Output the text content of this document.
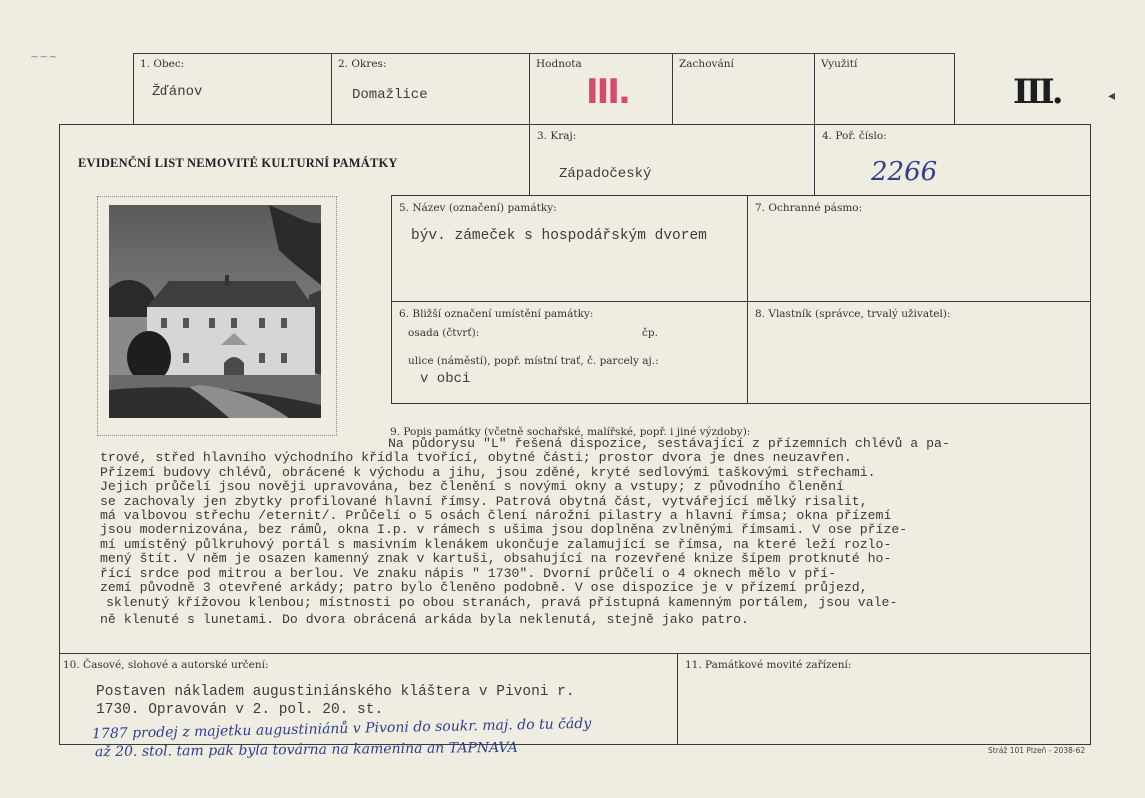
~~~
1. Obec:
Žďánov
2. Okres:
Domažlice
Hodnota
III.
Zachování	Využití
III.	◂
EVIDENČNÍ LIST NEMOVITÉ KULTURNÍ PAMÁTKY
3. Kraj:
Západočeský
4. Poř. číslo:
2266
5. Název (označení) památky:
býv. zámeček s hospodářským dvorem
7. Ochranné pásmo:
6. Bližší označení umístění památky:
osada (čtvrť):	čp.
ulice (náměstí), popř. místní trať, č. parcely aj.:
v obci
8. Vlastník (správce, trvalý uživatel):
9. Popis památky (včetně sochařské, malířské, popř. i jiné výzdoby):
Na půdorysu "L" řešená dispozice, sestávající z přízemních chlévů a pa-
trové, střed hlavního východního křídla tvořící, obytné části; prostor dvora je dnes neuzavřen.
Přízemí budovy chlévů, obrácené k východu a jihu, jsou zděné, kryté sedlovými taškovými střechami.
Jejich průčelí jsou nověji upravována, bez členění s novými okny a vstupy; z původního členění
se zachovaly jen zbytky profilované hlavní římsy. Patrová obytná část, vytvářející mělký risalit,
má valbovou střechu /eternit/. Průčelí o 5 osách člení nárožní pilastry a hlavní římsa; okna přízemí
jsou modernizována, bez rámů, okna I.p. v rámech s ušima jsou doplněna zvlněnými římsami. V ose příze-
mí umístěný půlkruhový portál s masivním klenákem ukončuje zalamující se římsa, na které leží rozlo-
mený štít. V něm je osazen kamenný znak v kartuši, obsahující na rozevřené knize šípem protknuté ho-
řící srdce pod mitrou a berlou. Ve znaku nápis " 1730". Dvorní průčelí o 4 oknech mělo v pří-
zemí původně 3 otevřené arkády; patro bylo členěno podobně. V ose dispozice je v přízemí průjezd,
sklenutý křížovou klenbou; místnosti po obou stranách, pravá přístupná kamenným portálem, jsou vale-
ně klenuté s lunetami. Do dvora obrácená arkáda byla neklenutá, stejně jako patro.
10. Časové, slohové a autorské určení:
Postaven nákladem augustiniánského kláštera v Pivoni r.
1730. Opravován v 2. pol. 20. st.
11. Památkové movité zařízení:
1787 prodej z majetku augustiniánů v Pivoni do soukr. maj. do tu čády
až 20. stol. tam pak byla továrna na kamenina an TAPNAVA	Stráž 101 Plzeň - 2038-62
